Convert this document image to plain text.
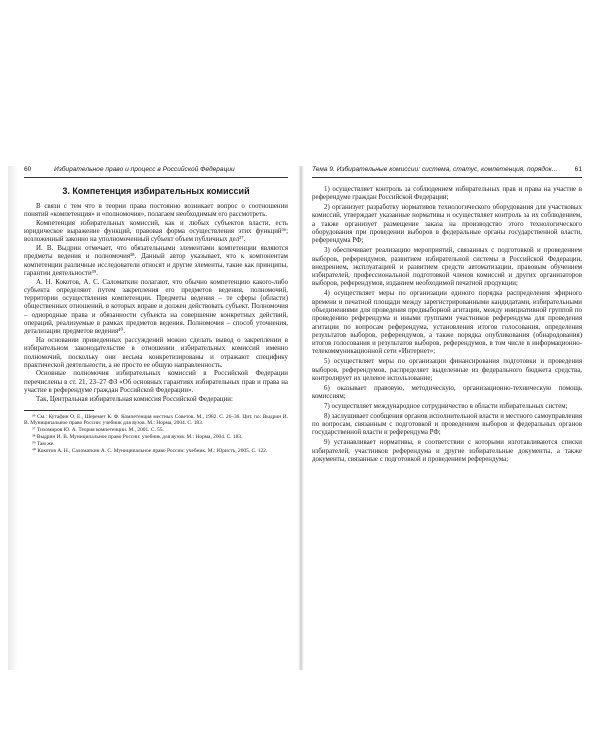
60	Избирательное право и процесс в Российской Федерации
3. Компетенция избирательных комиссий

В связи с тем что в теории права постоянно возникает вопрос о соотношении понятий «компетенция» и «полномочия», полагаем необходимым его рассмотреть.

Компетенция избирательных комиссий, как и любых субъектов власти, есть юридическое выражение функций, правовая форма осуществления этих функций³⁶; возложенный законно на уполномоченный субъект объем публичных дел³⁷.

И. В. Выдрин отмечает, что обязательными элементами компетенции являются предметы ведения и полномочия³⁸. Данный автор указывает, что к компонентам компетенции различные исследователи относят и другие элементы, такие как принципы, гарантии деятельности³⁹.

А. Н. Кокотов, А. С. Саломаткин полагают, что обычно компетенцию какого-либо субъекта определяют путем закрепления его предметов ведения, полномочий, территории осуществления компетенции. Предметы ведения – те сферы (области) общественных отношений, в которых вправе и должен действовать субъект. Полномочия – однородные права и обязанности субъекта на совершение конкретных действий, операций, реализуемые в рамках предметов ведения. Полномочия – способ уточнения, детализации предметов ведения⁴⁰.

На основании приведенных рассуждений можно сделать вывод о закреплении в избирательном законодательстве в отношении избирательных комиссий именно полномочий, поскольку они весьма конкретизированы и отражают специфику практической деятельности, а не просто ее общую направленность.

Основные полномочия избирательных комиссий в Российской Федерации перечислены в ст. 21, 23–27 ФЗ «Об основных гарантиях избирательных прав и права на участие в референдуме граждан Российской Федерации».

Так, Центральная избирательная комиссия Российской Федерации:

³⁶ См.: Кутафин О. Е., Шеремет К. Ф. Компетенция местных Советов. М., 1982. С. 26–36. Цит. по: Выдрин И. В. Муниципальное право России: учебник для вузов. М.: Норма, 2004. С. 183.

³⁷ Тихомиров Ю. А. Теория компетенции. М., 2001. С. 55.

³⁸ Выдрин И. В. Муниципальное право России: учебник для вузов. М.: Норма, 2004. С. 183.

³⁹ Там же.

⁴⁰ Кокотов А. Н., Саломаткин А. С. Муниципальное право России: учебник. М.: Юристъ, 2005. С. 122.

Тема 9. Избирательные комиссии: система, статус, компетенция, порядок...	61

1) осуществляет контроль за соблюдением избирательных прав и права на участие в референдуме граждан Российской Федерации;

2) организует разработку нормативов технологического оборудования для участковых комиссий, утверждает указанные нормативы и осуществляет контроль за их соблюдением, а также организует размещение заказа на производство этого технологического оборудования при проведении выборов в федеральные органы государственной власти, референдума РФ;

3) обеспечивает реализацию мероприятий, связанных с подготовкой и проведением выборов, референдумов, развитием избирательной системы в Российской Федерации, внедрением, эксплуатацией и развитием средств автоматизации, правовым обучением избирателей, профессиональной подготовкой членов комиссий и других организаторов выборов, референдумов, изданием необходимой печатной продукции;

4) осуществляет меры по организации единого порядка распределения эфирного времени и печатной площади между зарегистрированными кандидатами, избирательными объединениями для проведения предвыборной агитации, между инициативной группой по проведению референдума и иными группами участников референдума для проведения агитации по вопросам референдума, установления итогов голосования, определения результатов выборов, референдумов, а также порядка опубликования (обнародования) итогов голосования и результатов выборов, референдумов, в том числе в информационно-телекоммуникационной сети «Интернет»;

5) осуществляет меры по организации финансирования подготовки и проведения выборов, референдумов, распределяет выделенные из федерального бюджета средства, контролирует их целевое использование;

6) оказывает правовую, методическую, организационно-техническую помощь комиссиям;

7) осуществляет международное сотрудничество в области избирательных систем;

8) заслушивает сообщения органов исполнительной власти и местного самоуправления по вопросам, связанным с подготовкой и проведением выборов и федеральных органов государственной власти и референдума РФ;

9) устанавливает нормативы, в соответствии с которыми изготавливаются списки избирателей, участников референдума и другие избирательные документы, а также документы, связанные с подготовкой и проведением референдума;
